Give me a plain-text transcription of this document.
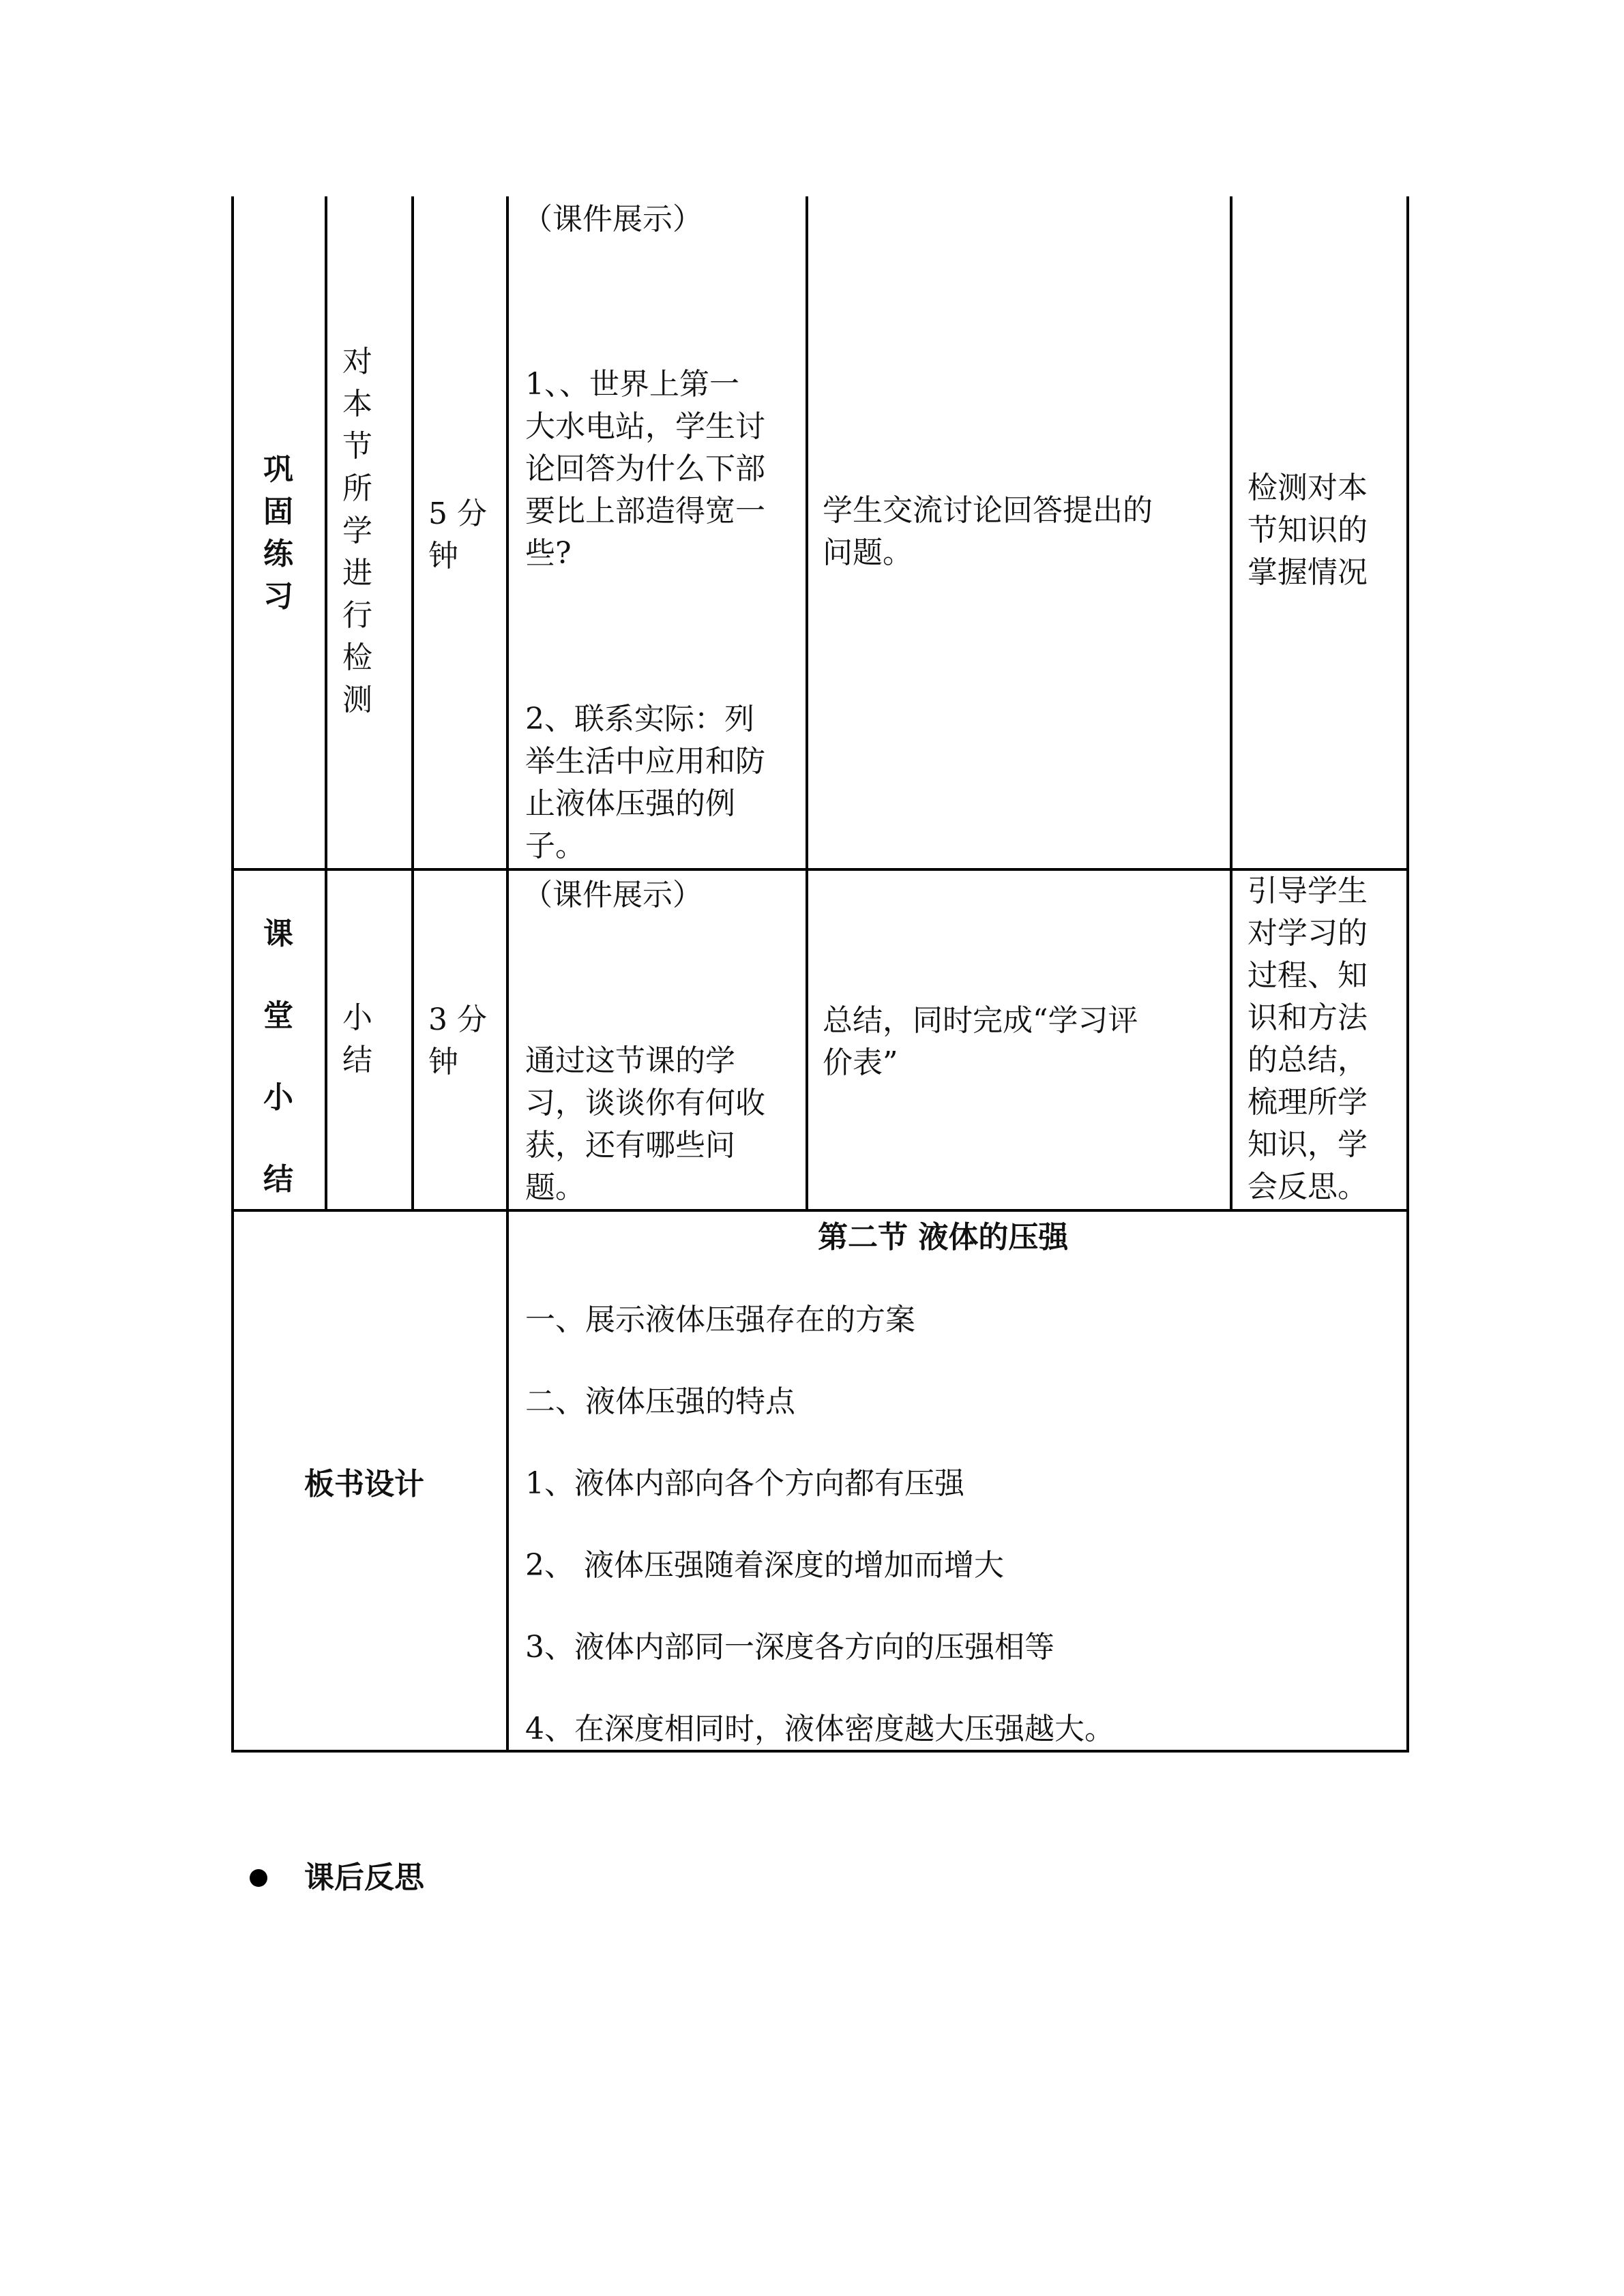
巩固练习
对本节所学进行检测
5 分
钟
（课件展示）
1、、世界上第一
大水电站，学生讨
论回答为什么下部
要比上部造得宽一
些?
2、联系实际：列
举生活中应用和防
止液体压强的例
子。
学生交流讨论回答提出的
问题。
检测对本
节知识的
掌握情况
课堂小结
小结
3 分
钟
（课件展示）
通过这节课的学
习，谈谈你有何收
获，还有哪些问
题。
总结，同时完成“学习评
价表”
引导学生
对学习的
过程、知
识和方法
的总结，
梳理所学
知识，学
会反思。
板书设计
第二节 液体的压强
一、展示液体压强存在的方案
二、液体压强的特点
1、液体内部向各个方向都有压强
2、 液体压强随着深度的增加而增大
3、液体内部同一深度各方向的压强相等
4、在深度相同时，液体密度越大压强越大。
课后反思
